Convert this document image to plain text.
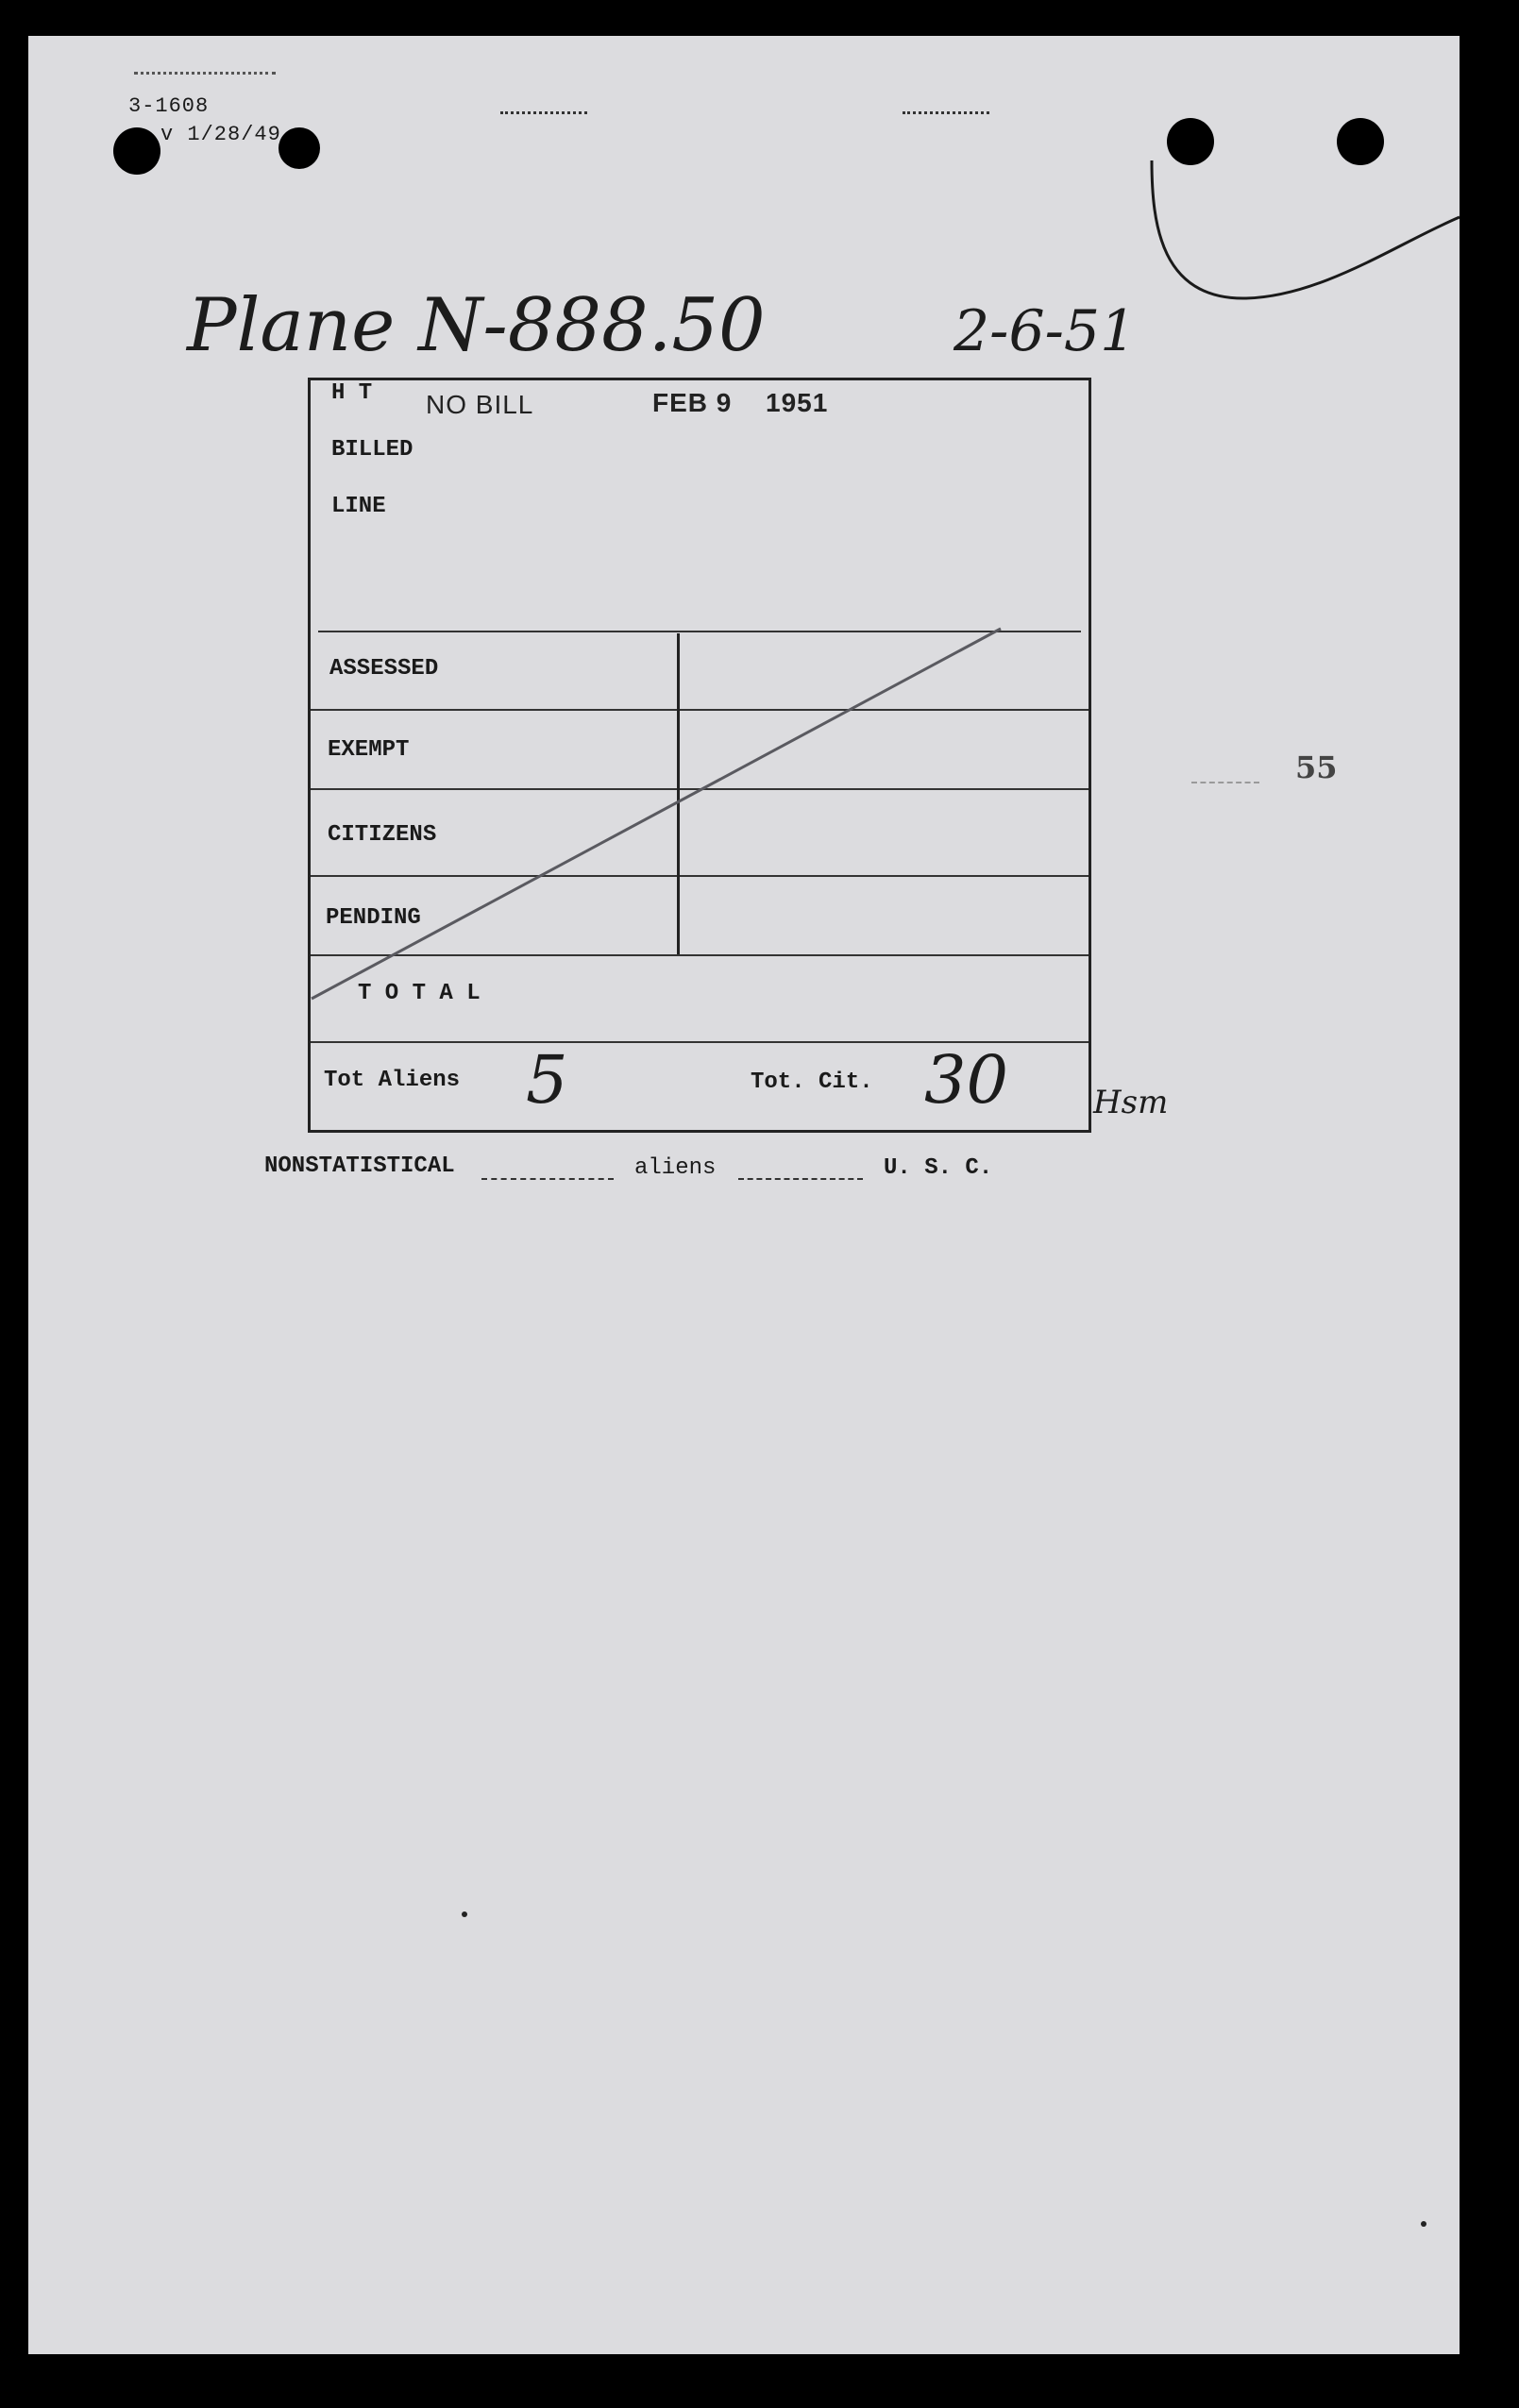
3-1608
v 1/28/49
Plane N-888.50	2-6-51
55
H T
BILLED
LINE
NO BILL	FEB 9 1951
ASSESSED
EXEMPT
CITIZENS
PENDING
T O T A L
Tot Aliens 5	Tot. Cit. 30	Hsm
NONSTATISTICAL	aliens	U. S. C.
